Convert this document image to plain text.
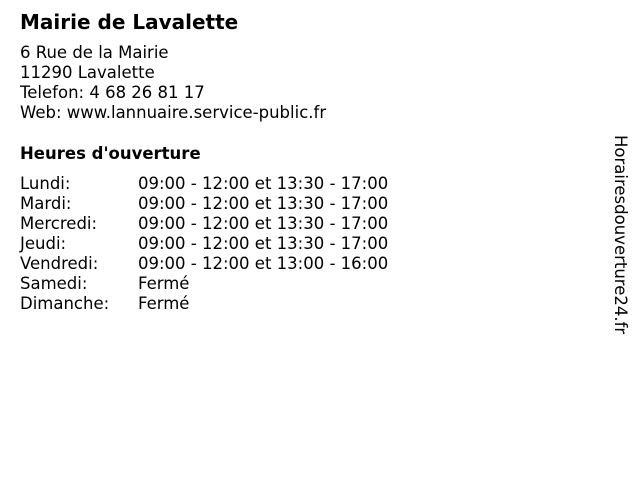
Mairie de Lavalette
6 Rue de la Mairie
11290 Lavalette
Telefon: 4 68 26 81 17
Web: www.lannuaire.service-public.fr
Heures d'ouverture
Lundi:	09:00 - 12:00 et 13:30 - 17:00
Mardi:	09:00 - 12:00 et 13:30 - 17:00
Mercredi:	09:00 - 12:00 et 13:30 - 17:00
Jeudi:	09:00 - 12:00 et 13:30 - 17:00
Vendredi:	09:00 - 12:00 et 13:00 - 16:00
Samedi:	Fermé
Dimanche:	Fermé	Horairesdouverture24.fr
